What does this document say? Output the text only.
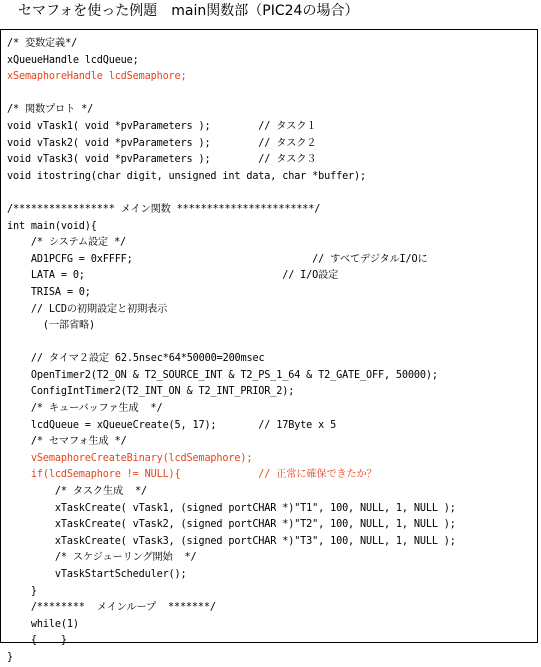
セマフォを使った例題　main関数部（PIC24の場合）
/* 変数定義*/
xQueueHandle lcdQueue;
xSemaphoreHandle lcdSemaphore;
/* 関数プロト */
void vTask1( void *pvParameters );        // タスク１
void vTask2( void *pvParameters );        // タスク２
void vTask3( void *pvParameters );        // タスク３
void itostring(char digit, unsigned int data, char *buffer);
/***************** メイン関数 ***********************/
int main(void){
/* システム設定 */
AD1PCFG = 0xFFFF;                              // すべてデジタルI/Oに
LATA = 0;                                 // I/O設定
TRISA = 0;
// LCDの初期設定と初期表示
(一部省略)
// タイマ２設定 62.5nsec*64*50000=200msec
OpenTimer2(T2_ON & T2_SOURCE_INT & T2_PS_1_64 & T2_GATE_OFF, 50000);
ConfigIntTimer2(T2_INT_ON & T2_INT_PRIOR_2);
/* キューバッファ生成  */
lcdQueue = xQueueCreate(5, 17);       // 17Byte x 5
/* セマフォ生成 */
vSemaphoreCreateBinary(lcdSemaphore);
if(lcdSemaphore != NULL){             // 正常に確保できたか？
/* タスク生成  */
xTaskCreate( vTask1, (signed portCHAR *)"T1", 100, NULL, 1, NULL );
xTaskCreate( vTask2, (signed portCHAR *)"T2", 100, NULL, 1, NULL );
xTaskCreate( vTask3, (signed portCHAR *)"T3", 100, NULL, 1, NULL );
/* スケジューリング開始  */
vTaskStartScheduler();
}
/********  メインループ  *******/
while(1)
{    }
}
